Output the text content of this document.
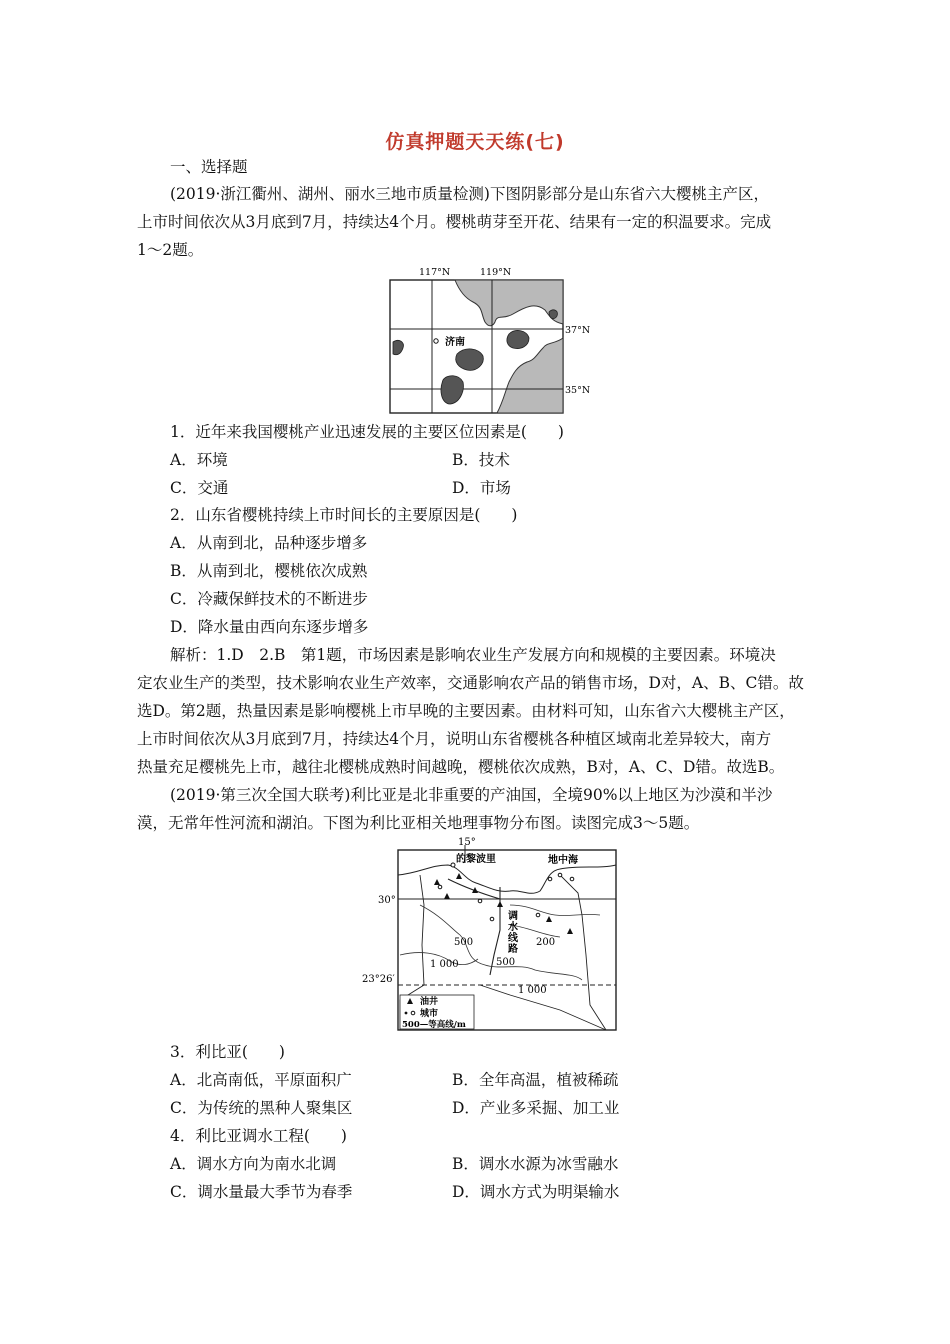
仿真押题天天练(七)
一、选择题
(2019·浙江衢州、湖州、丽水三地市质量检测)下图阴影部分是山东省六大樱桃主产区，
上市时间依次从3月底到7月，持续达4个月。樱桃萌芽至开花、结果有一定的积温要求。完成
1～2题。
济南
117°N	119°N
37°N
35°N
1．近年来我国樱桃产业迅速发展的主要区位因素是(　　)
A．环境	B．技术
C．交通	D．市场
2．山东省樱桃持续上市时间长的主要原因是(　　)
A．从南到北，品种逐步增多
B．从南到北，樱桃依次成熟
C．冷藏保鲜技术的不断进步
D．降水量由西向东逐步增多
解析：1.D　2.B　第1题，市场因素是影响农业生产发展方向和规模的主要因素。环境决
定农业生产的类型，技术影响农业生产效率，交通影响农产品的销售市场，D对，A、B、C错。故
选D。第2题，热量因素是影响樱桃上市早晚的主要因素。由材料可知，山东省六大樱桃主产区，
上市时间依次从3月底到7月，持续达4个月，说明山东省樱桃各种植区域南北差异较大，南方
热量充足樱桃先上市，越往北樱桃成熟时间越晚，樱桃依次成熟，B对，A、C、D错。故选B。
(2019·第三次全国大联考)利比亚是北非重要的产油国，全境90%以上地区为沙漠和半沙
漠，无常年性河流和湖泊。下图为利比亚相关地理事物分布图。读图完成3～5题。
15°
的黎波里	地中海
30°
23°26′
调
水
线
路
500	200
1 000	500
1 000
油井
城市
500—等高线/m
3．利比亚(　　)
A．北高南低，平原面积广	B．全年高温，植被稀疏
C．为传统的黑种人聚集区	D．产业多采掘、加工业
4．利比亚调水工程(　　)
A．调水方向为南水北调	B．调水水源为冰雪融水
C．调水量最大季节为春季	D．调水方式为明渠输水
